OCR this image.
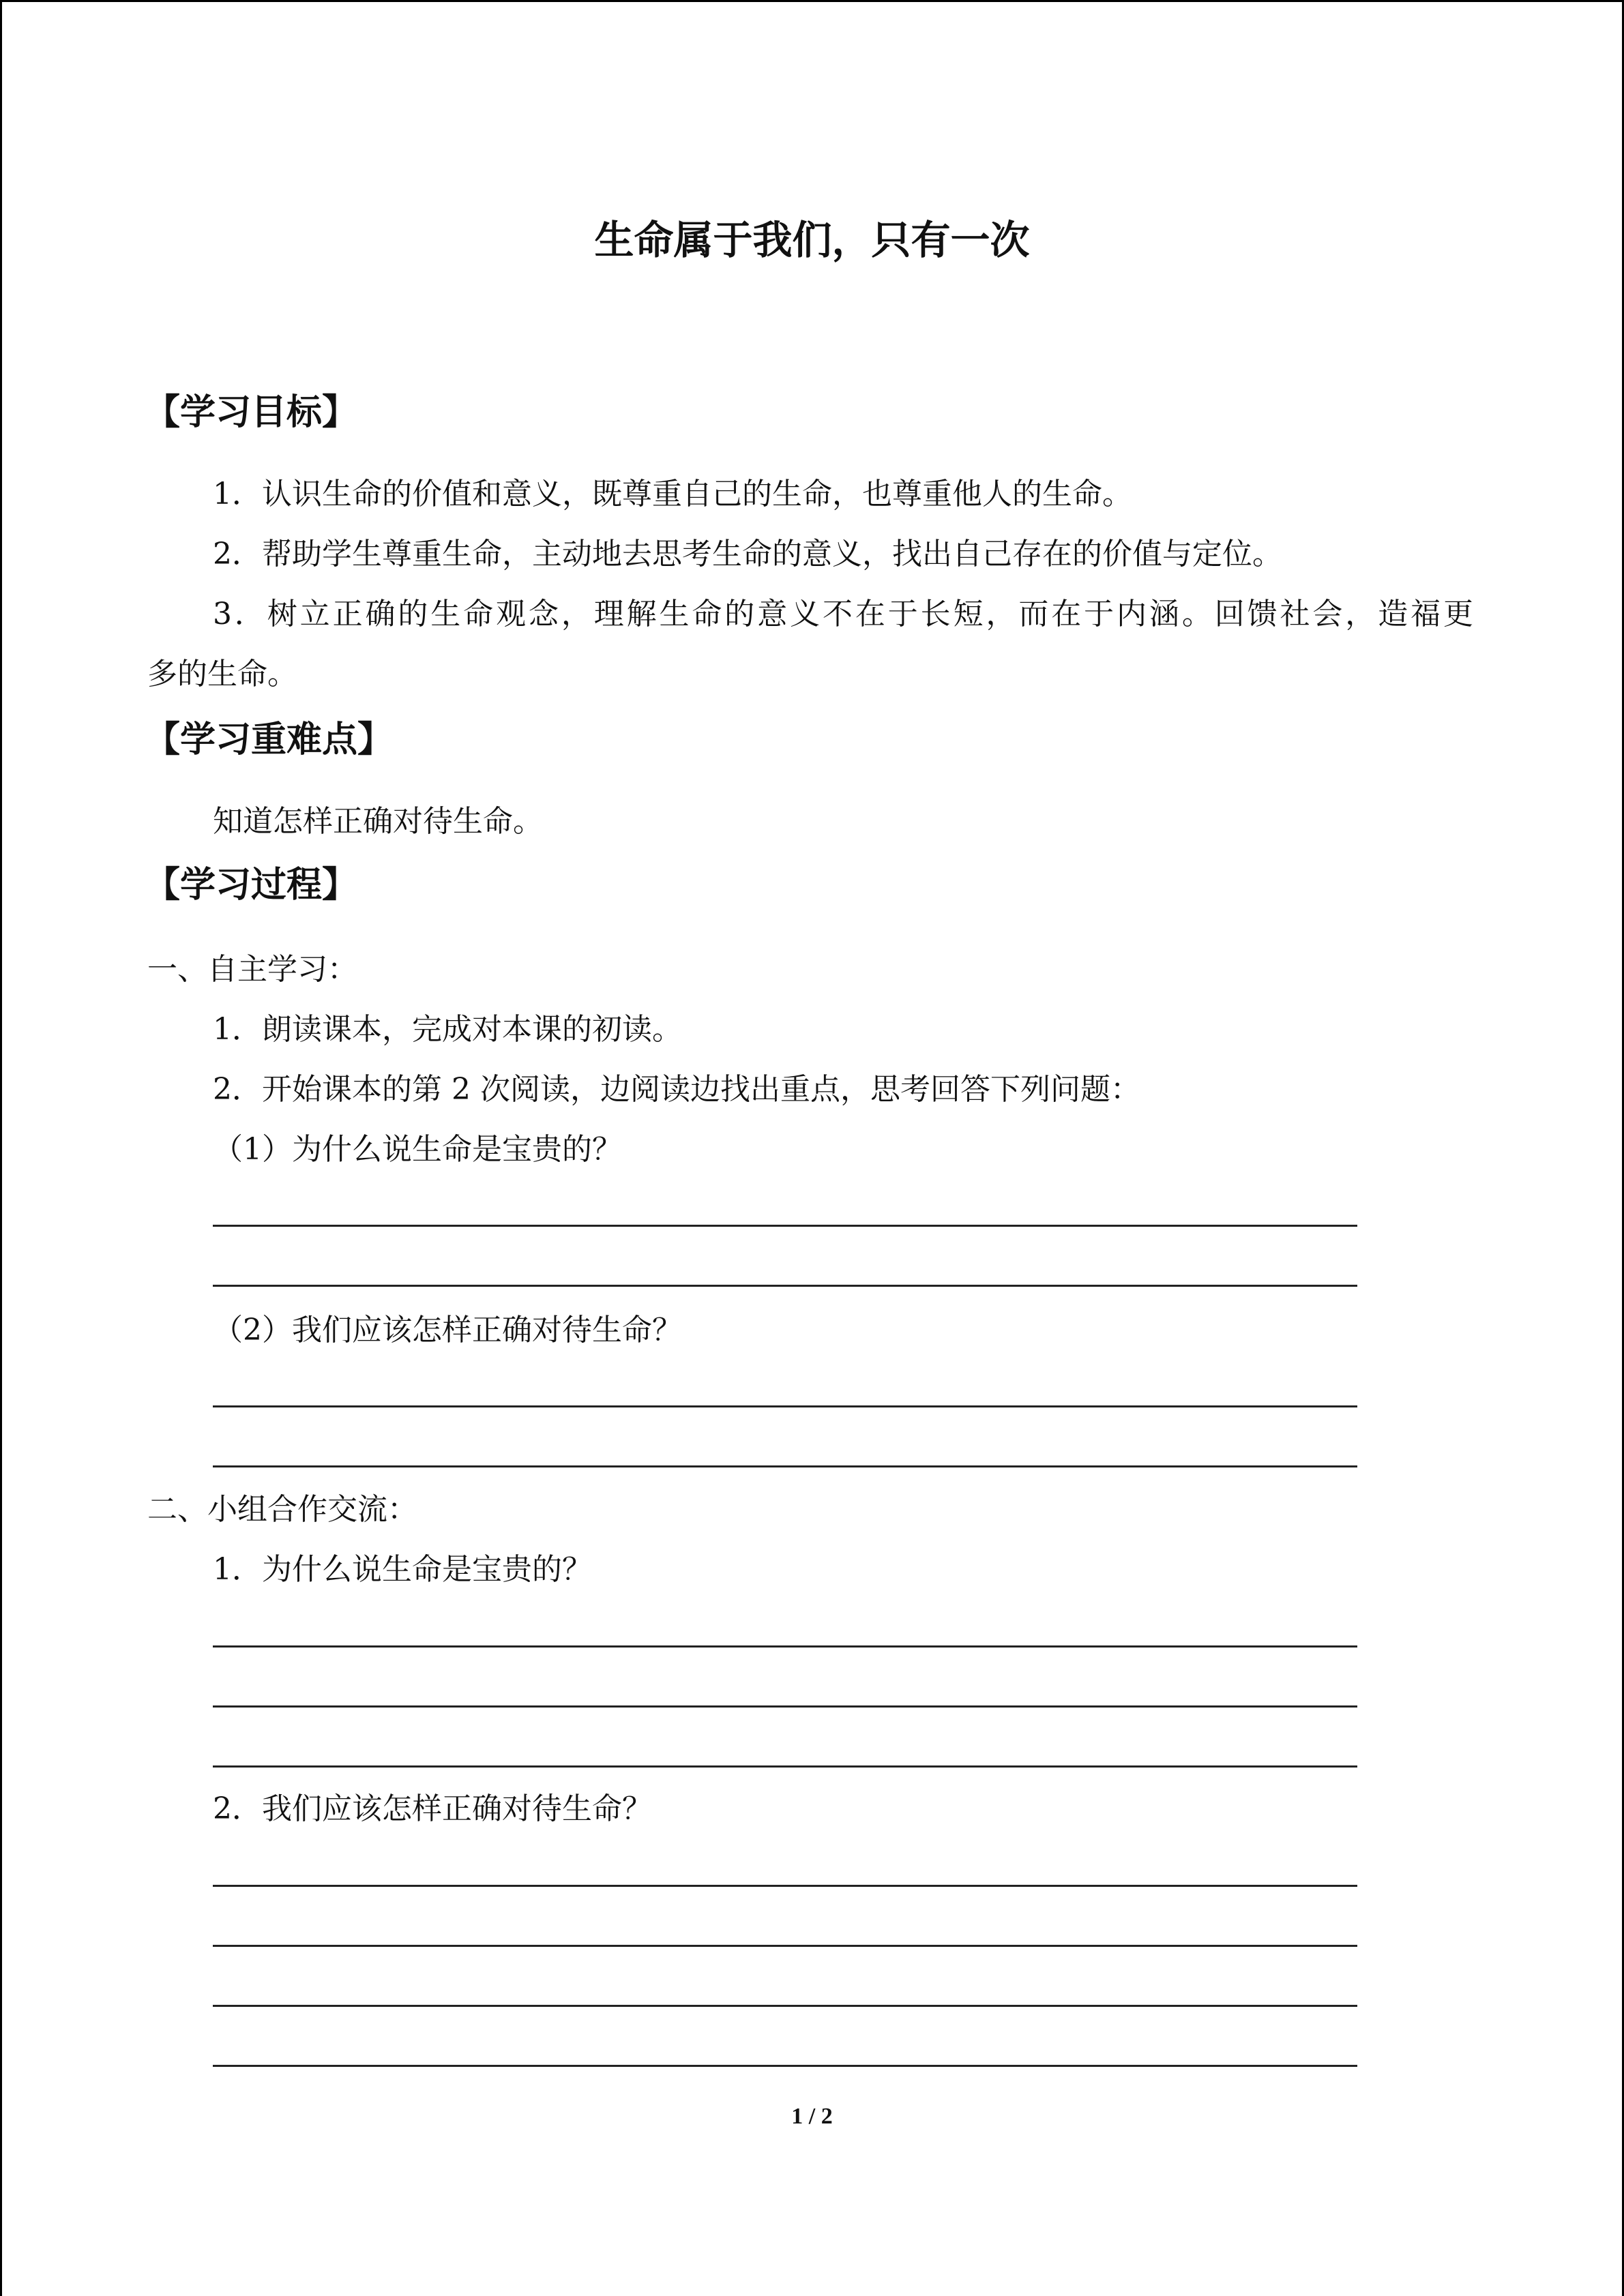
生命属于我们，只有一次
【学习目标】
1．认识生命的价值和意义，既尊重自己的生命，也尊重他人的生命。
2．帮助学生尊重生命，主动地去思考生命的意义，找出自己存在的价值与定位。
3．树立正确的生命观念，理解生命的意义不在于长短，而在于内涵。回馈社会，造福更
多的生命。
【学习重难点】
知道怎样正确对待生命。
【学习过程】
一、自主学习：
1．朗读课本，完成对本课的初读。
2．开始课本的第 2 次阅读，边阅读边找出重点，思考回答下列问题：
（1）为什么说生命是宝贵的？
（2）我们应该怎样正确对待生命？
二、小组合作交流：
1．为什么说生命是宝贵的？
2．我们应该怎样正确对待生命？
1 / 2
